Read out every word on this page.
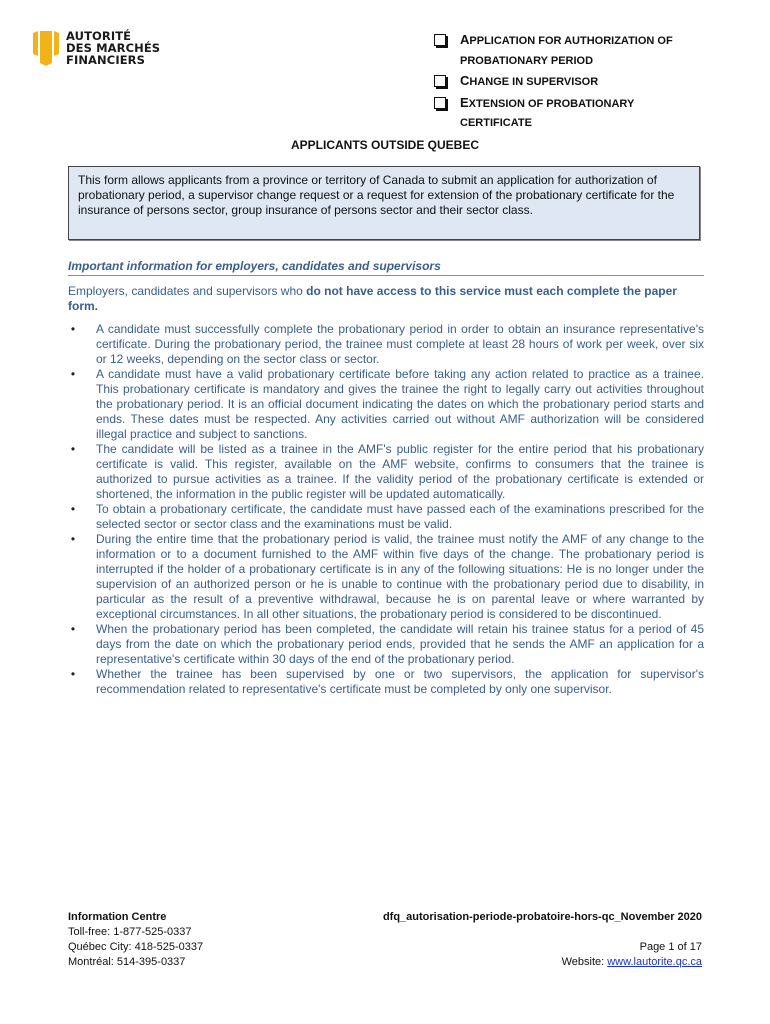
AUTORITÉ
DES MARCHÉS
FINANCIERS
APPLICATION FOR AUTHORIZATION OF PROBATIONARY PERIOD
CHANGE IN SUPERVISOR
EXTENSION OF PROBATIONARY CERTIFICATE
APPLICANTS OUTSIDE QUEBEC
This form allows applicants from a province or territory of Canada to submit an application for authorization of probationary period, a supervisor change request or a request for extension of the probationary certificate for the insurance of persons sector, group insurance of persons sector and their sector class.
Important information for employers, candidates and supervisors
Employers, candidates and supervisors who do not have access to this service must each complete the paper form.
• A candidate must successfully complete the probationary period in order to obtain an insurance representative's certificate. During the probationary period, the trainee must complete at least 28 hours of work per week, over six or 12 weeks, depending on the sector class or sector.
• A candidate must have a valid probationary certificate before taking any action related to practice as a trainee. This probationary certificate is mandatory and gives the trainee the right to legally carry out activities throughout the probationary period. It is an official document indicating the dates on which the probationary period starts and ends. These dates must be respected. Any activities carried out without AMF authorization will be considered illegal practice and subject to sanctions.
• The candidate will be listed as a trainee in the AMF's public register for the entire period that his probationary certificate is valid. This register, available on the AMF website, confirms to consumers that the trainee is authorized to pursue activities as a trainee. If the validity period of the probationary certificate is extended or shortened, the information in the public register will be updated automatically.
• To obtain a probationary certificate, the candidate must have passed each of the examinations prescribed for the selected sector or sector class and the examinations must be valid.
• During the entire time that the probationary period is valid, the trainee must notify the AMF of any change to the information or to a document furnished to the AMF within five days of the change. The probationary period is interrupted if the holder of a probationary certificate is in any of the following situations: He is no longer under the supervision of an authorized person or he is unable to continue with the probationary period due to disability, in particular as the result of a preventive withdrawal, because he is on parental leave or where warranted by exceptional circumstances. In all other situations, the probationary period is considered to be discontinued.
• When the probationary period has been completed, the candidate will retain his trainee status for a period of 45 days from the date on which the probationary period ends, provided that he sends the AMF an application for a representative's certificate within 30 days of the end of the probationary period.
• Whether the trainee has been supervised by one or two supervisors, the application for supervisor's recommendation related to representative's certificate must be completed by only one supervisor.
Information Centre
Toll-free: 1-877-525-0337
Québec City: 418-525-0337
Montréal: 514-395-0337
dfq_autorisation-periode-probatoire-hors-qc_November 2020
Page 1 of 17
Website: www.lautorite.qc.ca
